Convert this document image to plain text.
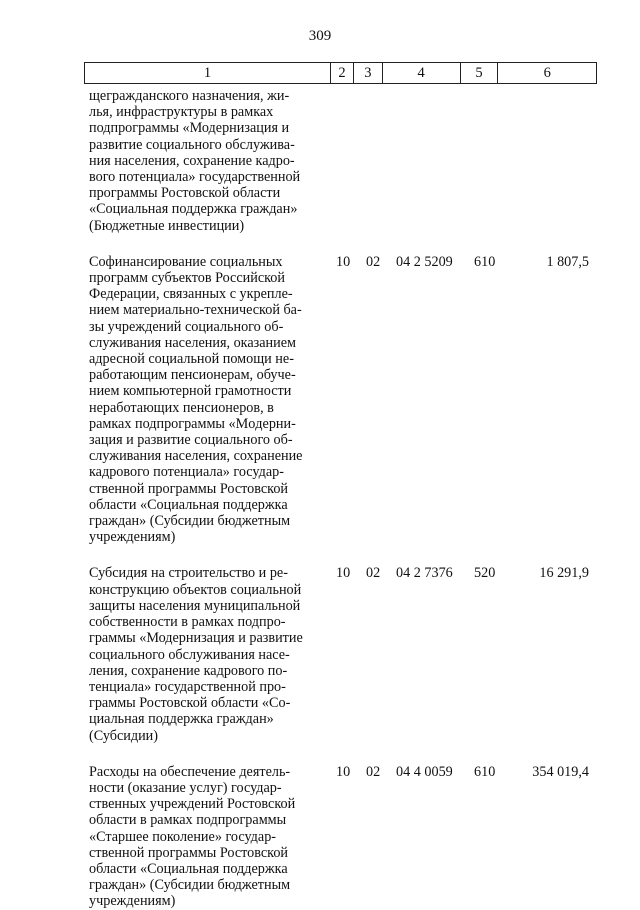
309
1	2	3	4	5	6
щегражданского назначения, жи-
лья, инфраструктуры в рамках
подпрограммы «Модернизация и
развитие социального обслужива-
ния населения, сохранение кадро-
вого потенциала» государственной
программы Ростовской области
«Социальная поддержка граждан»
(Бюджетные инвестиции)
Софинансирование социальных
программ субъектов Российской
Федерации, связанных с укрепле-
нием материально-технической ба-
зы учреждений социального об-
служивания населения, оказанием
адресной социальной помощи не-
работающим пенсионерам, обуче-
нием компьютерной грамотности
неработающих пенсионеров, в
рамках подпрограммы «Moдерни-
зация и развитие социального об-
служивания населения, сохранение
кадрового потенциала» государ-
ственной программы Ростовской
области «Социальная поддержка
граждан» (Субсидии бюджетным
учреждениям)
10	02	04 2 5209	610	1 807,5
Субсидия на строительство и ре-
конструкцию объектов социальной
защиты населения муниципальной
собственности в рамках подпро-
граммы «Модернизация и развитие
социального обслуживания насе-
ления, сохранение кадрового по-
тенциала» государственной про-
граммы Ростовской области «Со-
циальная поддержка граждан»
(Субсидии)
10	02	04 2 7376	520	16 291,9
Расходы на обеспечение деятель-
ности (оказание услуг) государ-
ственных учреждений Ростовской
области в рамках подпрограммы
«Старшее поколение» государ-
ственной программы Ростовской
области «Социальная поддержка
граждан» (Субсидии бюджетным
учреждениям)
10	02	04 4 0059	610	354 019,4
